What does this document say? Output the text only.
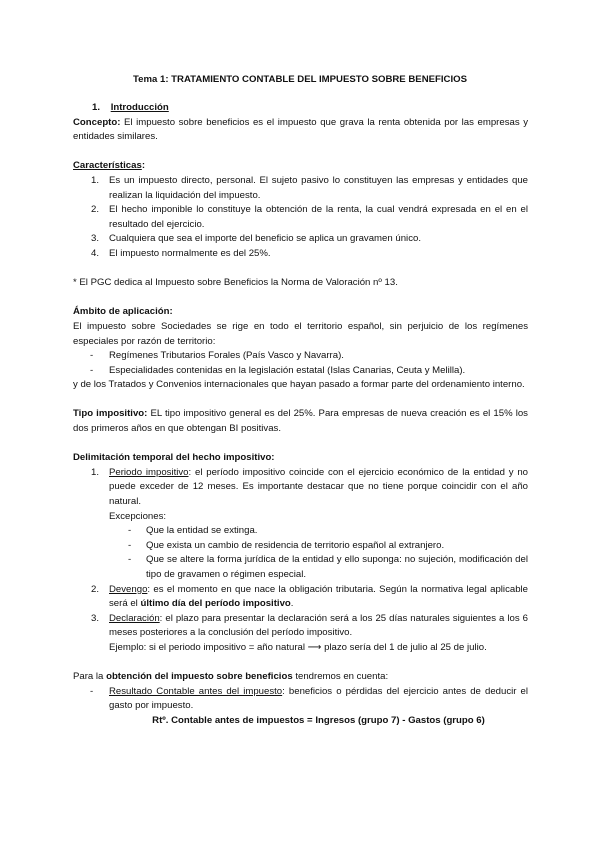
Tema 1: TRATAMIENTO CONTABLE DEL IMPUESTO SOBRE BENEFICIOS
1. Introducción
Concepto: El impuesto sobre beneficios es el impuesto que grava la renta obtenida por las empresas y entidades similares.
Características:
1. Es un impuesto directo, personal. El sujeto pasivo lo constituyen las empresas y entidades que realizan la liquidación del impuesto.
2. El hecho imponible lo constituye la obtención de la renta, la cual vendrá expresada en el en el resultado del ejercicio.
3. Cualquiera que sea el importe del beneficio se aplica un gravamen único.
4. El impuesto normalmente es del 25%.
* El PGC dedica al Impuesto sobre Beneficios la Norma de Valoración nº 13.
Ámbito de aplicación:
El impuesto sobre Sociedades se rige en todo el territorio español, sin perjuicio de los regímenes especiales por razón de territorio:
- Regímenes Tributarios Forales (País Vasco y Navarra).
- Especialidades contenidas en la legislación estatal (Islas Canarias, Ceuta y Melilla).
y de los Tratados y Convenios internacionales que hayan pasado a formar parte del ordenamiento interno.
Tipo impositivo: EL tipo impositivo general es del 25%. Para empresas de nueva creación es el 15% los dos primeros años en que obtengan BI positivas.
Delimitación temporal del hecho impositivo:
1. Periodo impositivo: el período impositivo coincide con el ejercicio económico de la entidad y no puede exceder de 12 meses. Es importante destacar que no tiene porque coincidir con el año natural.
Excepciones:
- Que la entidad se extinga.
- Que exista un cambio de residencia de territorio español al extranjero.
- Que se altere la forma jurídica de la entidad y ello suponga: no sujeción, modificación del tipo de gravamen o régimen especial.
2. Devengo: es el momento en que nace la obligación tributaria. Según la normativa legal aplicable será el último día del período impositivo.
3. Declaración: el plazo para presentar la declaración será a los 25 días naturales siguientes a los 6 meses posteriores a la conclusión del período impositivo.
Ejemplo: si el periodo impositivo = año natural ⟶ plazo sería del 1 de julio al 25 de julio.
Para la obtención del impuesto sobre beneficios tendremos en cuenta:
- Resultado Contable antes del impuesto: beneficios o pérdidas del ejercicio antes de deducir el gasto por impuesto.
Rtº. Contable antes de impuestos = Ingresos (grupo 7) - Gastos (grupo 6)
